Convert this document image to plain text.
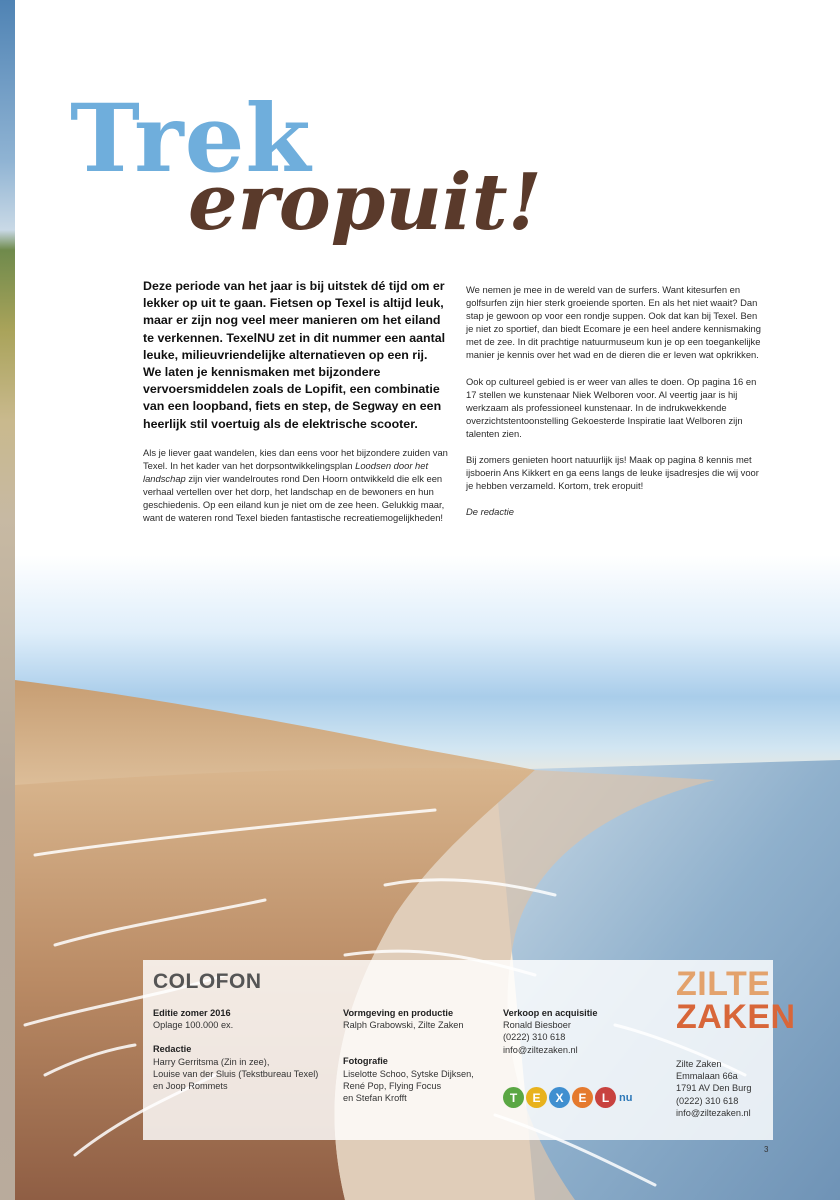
Trek
eropuit!

Deze periode van het jaar is bij uitstek dé tijd om er lekker op uit te gaan. Fietsen op Texel is altijd leuk, maar er zijn nog veel meer manieren om het eiland te verkennen. TexelNU zet in dit nummer een aantal leuke, milieuvriendelijke alternatieven op een rij. We laten je kennismaken met bijzondere vervoersmiddelen zoals de Lopifit, een combinatie van een loopband, fiets en step, de Segway en een heerlijk stil voertuig als de elektrische scooter.

Als je liever gaat wandelen, kies dan eens voor het bijzondere zuiden van Texel. In het kader van het dorpsontwikkelingsplan Loodsen door het landschap zijn vier wandelroutes rond Den Hoorn ontwikkeld die elk een verhaal vertellen over het dorp, het landschap en de bewoners en hun geschiedenis. Op een eiland kun je niet om de zee heen. Gelukkig maar, want de wateren rond Texel bieden fantastische recreatiemogelijkheden!

We nemen je mee in de wereld van de surfers. Want kitesurfen en golfsurfen zijn hier sterk groeiende sporten. En als het niet waait? Dan stap je gewoon op voor een rondje suppen. Ook dat kan bij Texel. Ben je niet zo sportief, dan biedt Ecomare je een heel andere kennismaking met de zee. In dit prachtige natuurmuseum kun je op een toegankelijke manier je kennis over het wad en de dieren die er leven wat opkrikken.

Ook op cultureel gebied is er weer van alles te doen. Op pagina 16 en 17 stellen we kunstenaar Niek Welboren voor. Al veertig jaar is hij werkzaam als professioneel kunstenaar. In de indrukwekkende overzichtstentoonstelling Gekoesterde Inspiratie laat Welboren zijn talenten zien.

Bij zomers genieten hoort natuurlijk ijs! Maak op pagina 8 kennis met ijsboerin Ans Kikkert en ga eens langs de leuke ijsadresjes die wij voor je hebben verzameld. Kortom, trek eropuit!

De redactie

COLOFON
Editie zomer 2016
Oplage 100.000 ex.
Redactie
Harry Gerritsma (Zin in zee),
Louise van der Sluis (Tekstbureau Texel)
en Joop Rommets
Vormgeving en productie
Ralph Grabowski, Zilte Zaken
Fotografie
Liselotte Schoo, Sytske Dijksen,
René Pop, Flying Focus
en Stefan Krofft
Verkoop en acquisitie
Ronald Biesboer
(0222) 310 618
info@ziltezaken.nl
T	E	X	E	L nu
ZILTE
ZAKEN
Zilte Zaken
Emmalaan 66a
1791 AV Den Burg
(0222) 310 618
info@ziltezaken.nl
3
